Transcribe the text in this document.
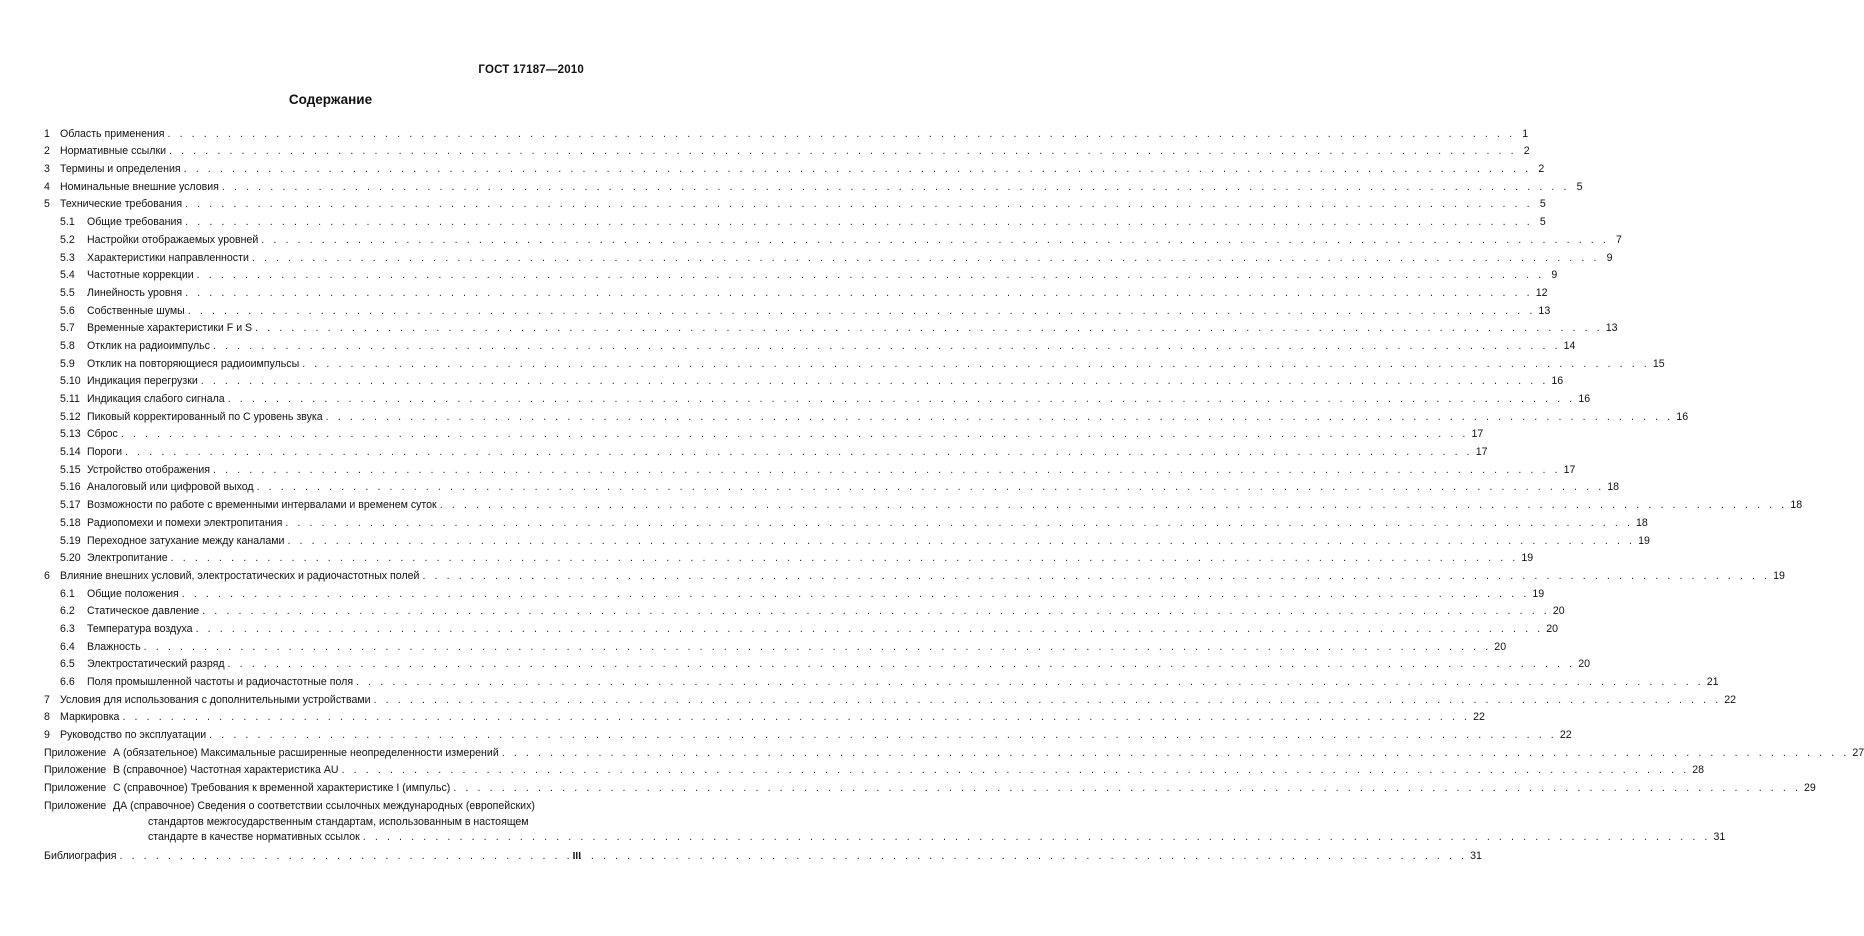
ГОСТ 17187—2010
Содержание
1 Область применения . . .	1
2 Нормативные ссылки . . .	2
3 Термины и определения . . .	2
4 Номинальные внешние условия . . .	5
5 Технические требования . . .	5
5.1	Общие требования . . .	5
5.2	Настройки отображаемых уровней . . .	7
5.3	Характеристики направленности . . .	9
5.4	Частотные коррекции . . .	9
5.5	Линейность уровня . . .	12
5.6	Собственные шумы . . .	13
5.7	Временные характеристики F и S . . .	13
5.8	Отклик на радиоимпульс . . .	14
5.9	Отклик на повторяющиеся радиоимпульсы . . .	15
5.10 Индикация перегрузки . . .	16
5.11 Индикация слабого сигнала . . .	16
5.12 Пиковый корректированный по C уровень звука . . .	16
5.13 Сброс . . .	17
5.14 Пороги . . .	17
5.15 Устройство отображения . . .	17
5.16 Аналоговый или цифровой выход . . .	18
5.17 Возможности по работе с временными интервалами и временем суток . . .	18
5.18 Радиопомехи и помехи электропитания . . .	18
5.19 Переходное затухание между каналами . . .	19
5.20 Электропитание . . .	19
6 Влияние внешних условий, электростатических и радиочастотных полей . . .	19
6.1	Общие положения . . .	19
6.2	Статическое давление . . .	20
6.3	Температура воздуха . . .	20
6.4	Влажность . . .	20
6.5	Электростатический разряд . . .	20
6.6	Поля промышленной частоты и радиочастотные поля . . .	21
7 Условия для использования с дополнительными устройствами . . .	22
8 Маркировка . . .	22
9 Руководство по эксплуатации . . .	22
Приложение А (обязательное) Максимальные расширенные неопределенности измерений . . .	27
Приложение В (справочное) Частотная характеристика AU . . .	28
Приложение С (справочное) Требования к временной характеристике I (импульс) . . .	29
Приложение ДА (справочное) Сведения о соответствии ссылочных международных (европейских)
стандартов межгосударственным стандартам, использованным в настоящем
стандарте в качестве нормативных ссылок . . .	31
Библиография . . .	31
III
